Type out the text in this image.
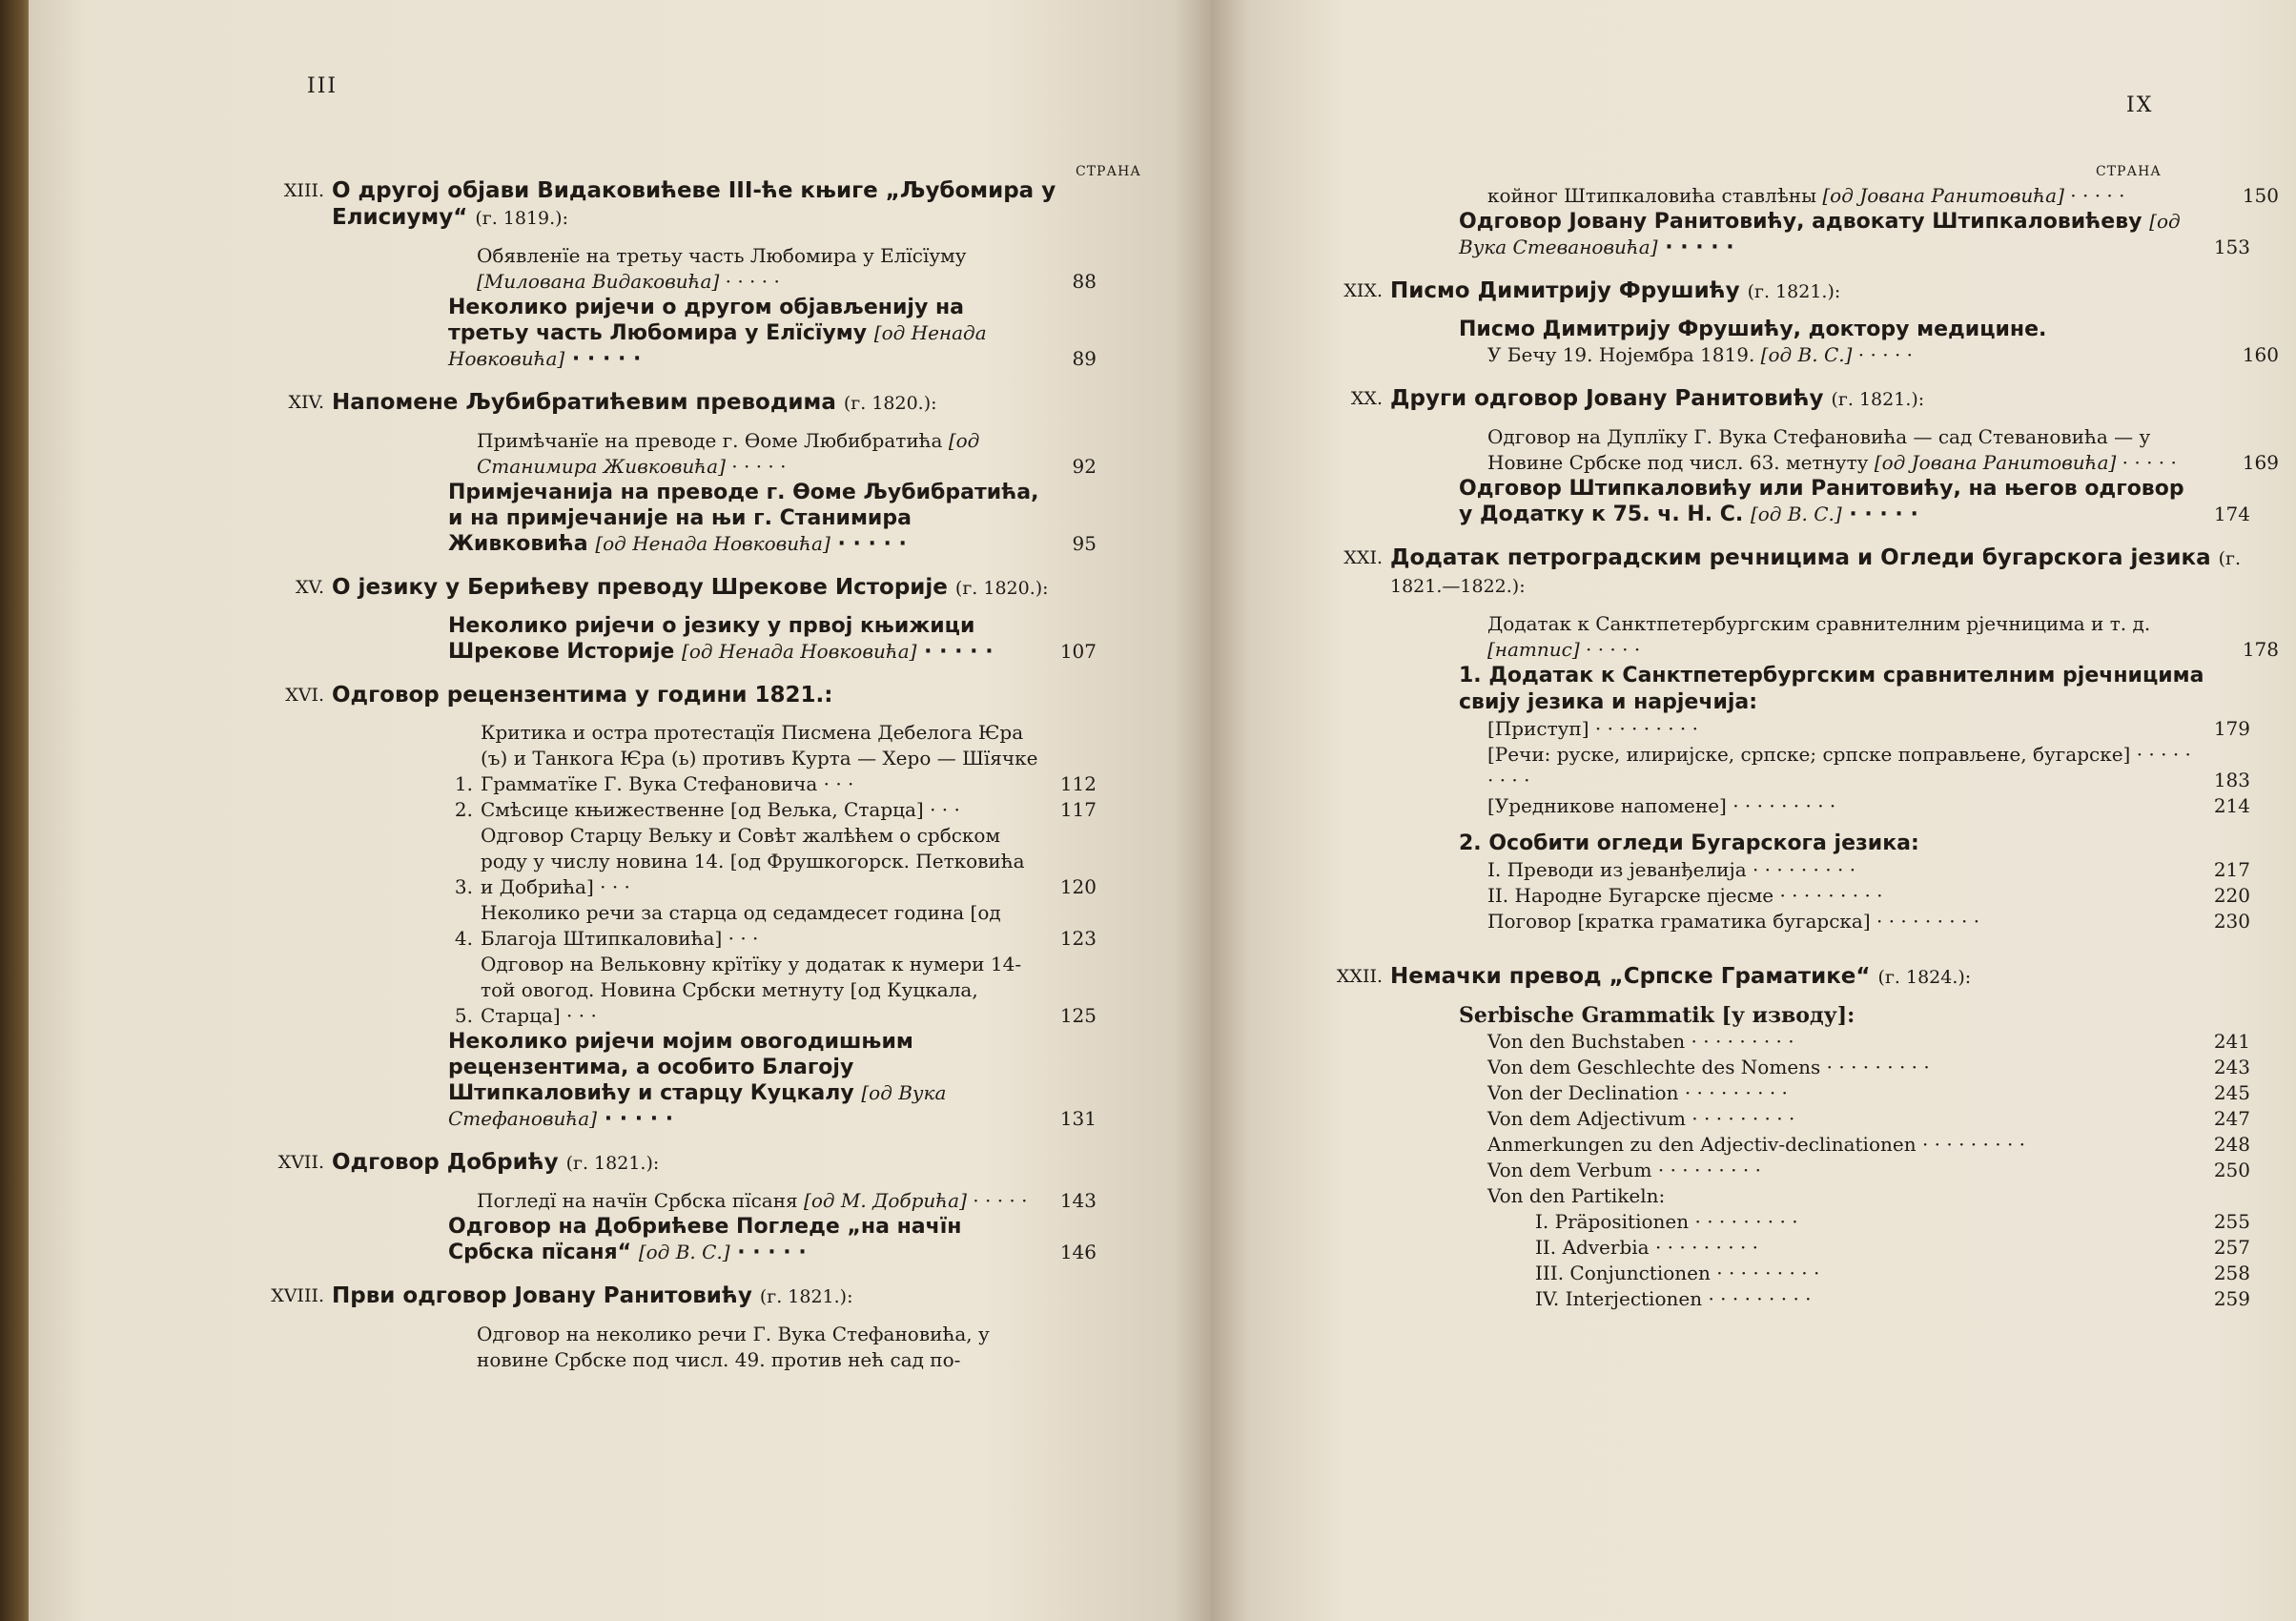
III
СТРАНА
XIII. О другој објави Видаковићеве III-ће књиге „Љубомира у Елисиуму“ (г. 1819.):
Обявленїе на третьу часть Любомира у Елїсїуму [Милована Видаковића] · · · · ·	88
Неколико ријечи о другом објављенију на третьу часть Любомира у Елїсїуму [од Ненада Новковића] · · · · ·	89
XIV. Напомене Љубибратићевим преводима (г. 1820.):
Примѣчанїе на преводе г. Ѳоме Любибратића [од Станимира Живковића] · · · · ·	92
Примјечанија на преводе г. Ѳоме Љубибратића, и на примјечаније на њи г. Станимира Живковића [од Ненада Новковића] · · · · ·	95
XV. О језику у Берићеву преводу Шрекове Историје (г. 1820.):
Неколико ријечи о језику у првој књижици Шрекове Историје [од Ненада Новковића] · · · · ·	107
XVI. Одговор рецензентима у години 1821.:
1.
Критика и остра протестацїя Писмена Дебелога Ѥра (ъ) и Танкога Ѥра (ь) противъ Курта — Херо — Шїячке Грамматїке Г. Вука Стефановича · · ·	112
2. Смѣсице књижественне [од Вељка, Старца] · · ·	117
3.
Одговор Старцу Вељку и Совѣт жалѣћем о србском роду у числу новина 14. [од Фрушкогорск. Петковића и Добрића] · · ·	120
4.
Неколико речи за старца од седамдесет година [од Благоја Штипкаловића] · · ·	123
5.
Одговор на Вельковну крїтїку у додатак к нумери 14-той овогод. Новина Србски метнуту [од Куцкала, Старца] · · ·	125
Неколико ријечи мојим овогодишњим рецензентима, а особито Благоју Штипкаловићу и старцу Куцкалу [од Вука Стефановића] · · · · ·	131
XVII. Одговор Добрићу (г. 1821.):
Погледї на начїн Србска пїсаня [од М. Добрића] · · · · ·	143
Одговор на Добрићеве Погледе „на начїн Србска пїсаня“ [од В. С.] · · · · ·	146
XVIII. Први одговор Јовану Ранитовићу (г. 1821.):
Одговор на неколико речи Г. Вука Стефановића, у новине Србске под числ. 49. против нећ сад по-
IX
СТРАНА
койног Штипкаловића ставлѣны [од Јована Ранитовића] · · · · ·	150
Одговор Јовану Ранитовићу, адвокату Штипкаловићеву [од Вука Стевановића] · · · · ·	153
XIX. Писмо Димитрију Фрушићу (г. 1821.):
Писмо Димитрију Фрушићу, доктору медицине.
У Бечу 19. Нојембра 1819. [од В. С.] · · · · ·	160
XX. Други одговор Јовану Ранитовићу (г. 1821.):
Одговор на Дуплїку Г. Вука Стефановића — сад Стевановића — у Новине Србске под числ. 63. метнуту [од Јована Ранитовића] · · · · ·	169
Одговор Штипкаловићу или Ранитовићу, на његов одговор у Додатку к 75. ч. Н. С. [од В. С.] · · · · ·	174
XXI. Додатак петроградским речницима и Огледи бугарскога језика (г. 1821.—1822.):
Додатак к Санктпетербургским сравнителним рјечницима и т. д. [натпис] · · · · ·	178
1. Додатак к Санктпетербургским сравнителним рјечницима свију језика и нарјечија:
[Приступ] · · · · · · · · ·	179
[Речи: руске, илиријске, српске; српске поправљене, бугарске] · · · · · · · · ·	183
[Уредникове напомене] · · · · · · · · ·	214
2. Особити огледи Бугарскога језика:
I. Преводи из јеванђелија · · · · · · · · ·	217
II. Народне Бугарске пјесме · · · · · · · · ·	220
Поговор [кратка граматика бугарска] · · · · · · · · ·	230
XXII. Немачки превод „Српске Граматике“ (г. 1824.):
Serbische Grammatik [у изводу]:
Von den Buchstaben · · · · · · · · ·	241
Von dem Geschlechte des Nomens · · · · · · · · ·	243
Von der Declination · · · · · · · · ·	245
Von dem Adjectivum · · · · · · · · ·	247
Anmerkungen zu den Adjectiv-declinationen · · · · · · · · ·	248
Von dem Verbum · · · · · · · · ·	250
Von den Partikeln:
I. Präpositionen · · · · · · · · ·	255
II. Adverbia · · · · · · · · ·	257
III. Conjunctionen · · · · · · · · ·	258
IV. Interjectionen · · · · · · · · ·	259
